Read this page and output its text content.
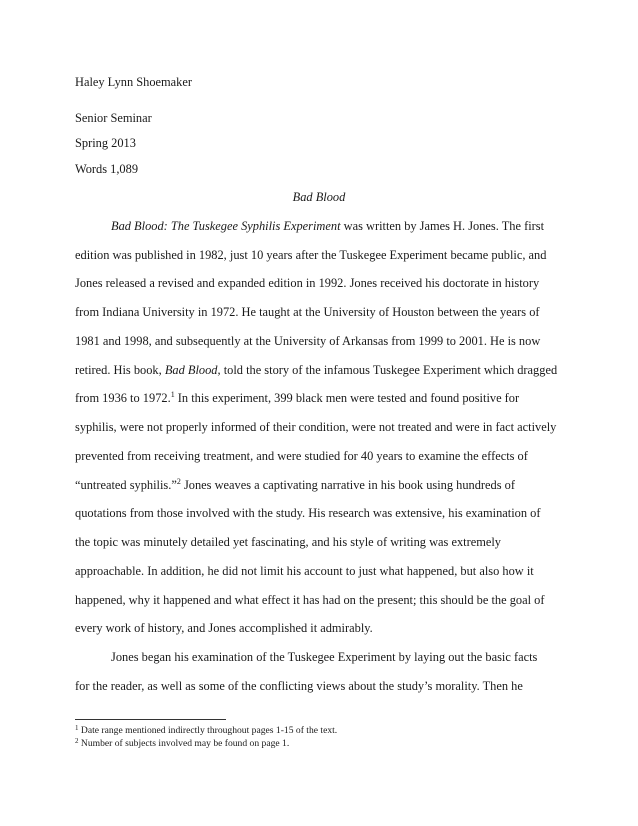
Haley Lynn Shoemaker
Senior Seminar
Spring 2013
Words 1,089
Bad Blood
Bad Blood: The Tuskegee Syphilis Experiment was written by James H. Jones. The first
edition was published in 1982, just 10 years after the Tuskegee Experiment became public, and
Jones released a revised and expanded edition in 1992. Jones received his doctorate in history
from Indiana University in 1972. He taught at the University of Houston between the years of
1981 and 1998, and subsequently at the University of Arkansas from 1999 to 2001. He is now
retired. His book, Bad Blood, told the story of the infamous Tuskegee Experiment which dragged
from 1936 to 1972.$^1$ In this experiment, 399 black men were tested and found positive for
syphilis, were not properly informed of their condition, were not treated and were in fact actively
prevented from receiving treatment, and were studied for 40 years to examine the effects of
“untreated syphilis.”$^2$ Jones weaves a captivating narrative in his book using hundreds of
quotations from those involved with the study. His research was extensive, his examination of
the topic was minutely detailed yet fascinating, and his style of writing was extremely
approachable. In addition, he did not limit his account to just what happened, but also how it
happened, why it happened and what effect it has had on the present; this should be the goal of
every work of history, and Jones accomplished it admirably.
Jones began his examination of the Tuskegee Experiment by laying out the basic facts
for the reader, as well as some of the conflicting views about the study’s morality. Then he
$^1$ Date range mentioned indirectly throughout pages 1-15 of the text.
$^2$ Number of subjects involved may be found on page 1.
